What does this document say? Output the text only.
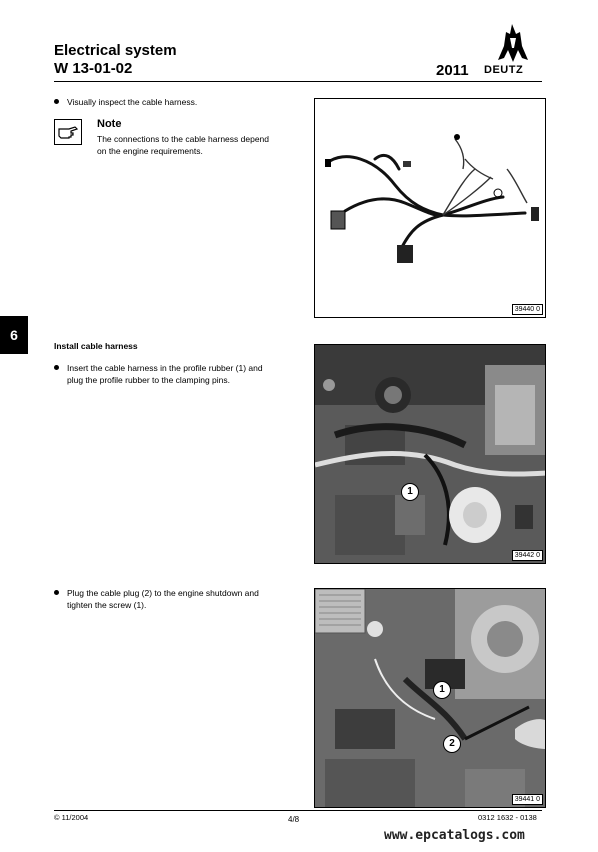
Electrical system
W 13-01-02	2011 DEUTZ
6
Visually inspect the cable harness.
Note
The connections to the cable harness depend
on the engine requirements.
39440 0
Install cable harness
Insert the cable harness in the profile rubber (1) and
plug the profile rubber to the clamping pins.
1
39442 0
Plug the cable plug (2) to the engine shutdown and
tighten the screw (1).
1
2
39441 0
© 11/2004	4/8	0312 1632 - 0138
www.epcatalogs.com
